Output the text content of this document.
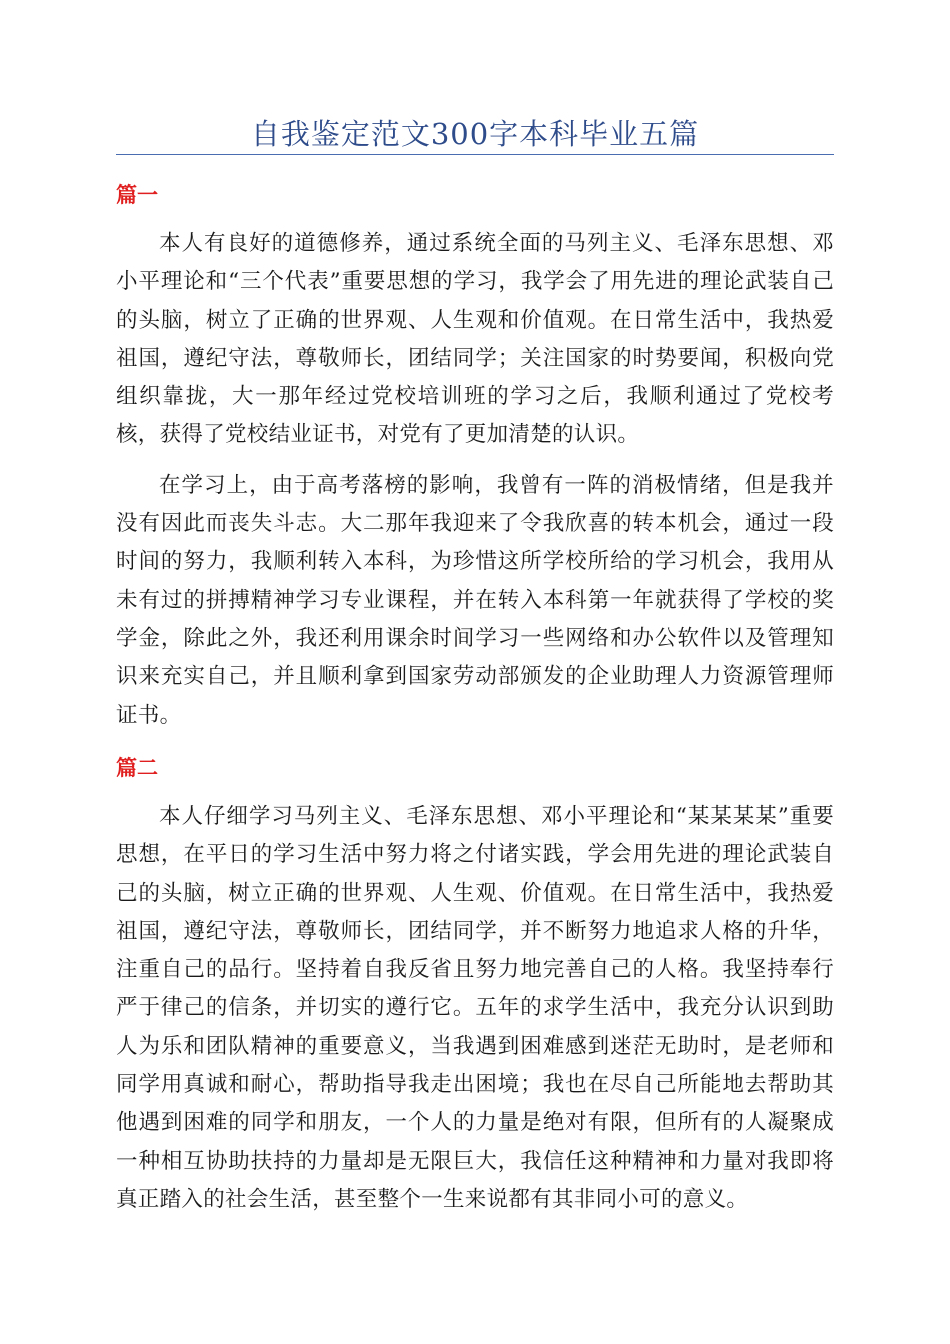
自我鉴定范文300字本科毕业五篇
篇一

本人有良好的道德修养，通过系统全面的马列主义、毛泽东思想、邓小平理论和“三个代表”重要思想的学习，我学会了用先进的理论武装自己的头脑，树立了正确的世界观、人生观和价值观。在日常生活中，我热爱祖国，遵纪守法，尊敬师长，团结同学；关注国家的时势要闻，积极向党组织靠拢，大一那年经过党校培训班的学习之后，我顺利通过了党校考核，获得了党校结业证书，对党有了更加清楚的认识。

在学习上，由于高考落榜的影响，我曾有一阵的消极情绪，但是我并没有因此而丧失斗志。大二那年我迎来了令我欣喜的转本机会，通过一段时间的努力，我顺利转入本科，为珍惜这所学校所给的学习机会，我用从未有过的拼搏精神学习专业课程，并在转入本科第一年就获得了学校的奖学金，除此之外，我还利用课余时间学习一些网络和办公软件以及管理知识来充实自己，并且顺利拿到国家劳动部颁发的企业助理人力资源管理师证书。

篇二

本人仔细学习马列主义、毛泽东思想、邓小平理论和“某某某某”重要思想，在平日的学习生活中努力将之付诸实践，学会用先进的理论武装自己的头脑，树立正确的世界观、人生观、价值观。在日常生活中，我热爱祖国，遵纪守法，尊敬师长，团结同学，并不断努力地追求人格的升华，注重自己的品行。坚持着自我反省且努力地完善自己的人格。我坚持奉行严于律己的信条，并切实的遵行它。五年的求学生活中，我充分认识到助人为乐和团队精神的重要意义，当我遇到困难感到迷茫无助时，是老师和同学用真诚和耐心，帮助指导我走出困境；我也在尽自己所能地去帮助其他遇到困难的同学和朋友，一个人的力量是绝对有限，但所有的人凝聚成一种相互协助扶持的力量却是无限巨大，我信任这种精神和力量对我即将真正踏入的社会生活，甚至整个一生来说都有其非同小可的意义。
